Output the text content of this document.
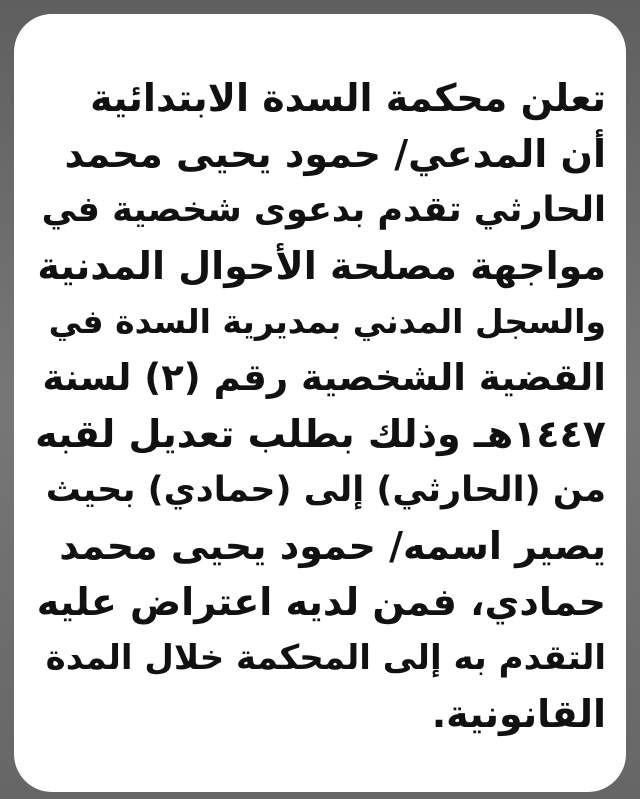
تعلن محكمة السدة الابتدائية
أن المدعي/ حمود يحيى محمد
الحارثي تقدم بدعوى شخصية في
مواجهة مصلحة الأحوال المدنية
والسجل المدني بمديرية السدة في
القضية الشخصية رقم (٢) لسنة
١٤٤٧هـ وذلك بطلب تعديل لقبه
من (الحارثي) إلى (حمادي) بحيث
يصير اسمه/ حمود يحيى محمد
حمادي، فمن لديه اعتراض عليه
التقدم به إلى المحكمة خلال المدة
القانونية.
